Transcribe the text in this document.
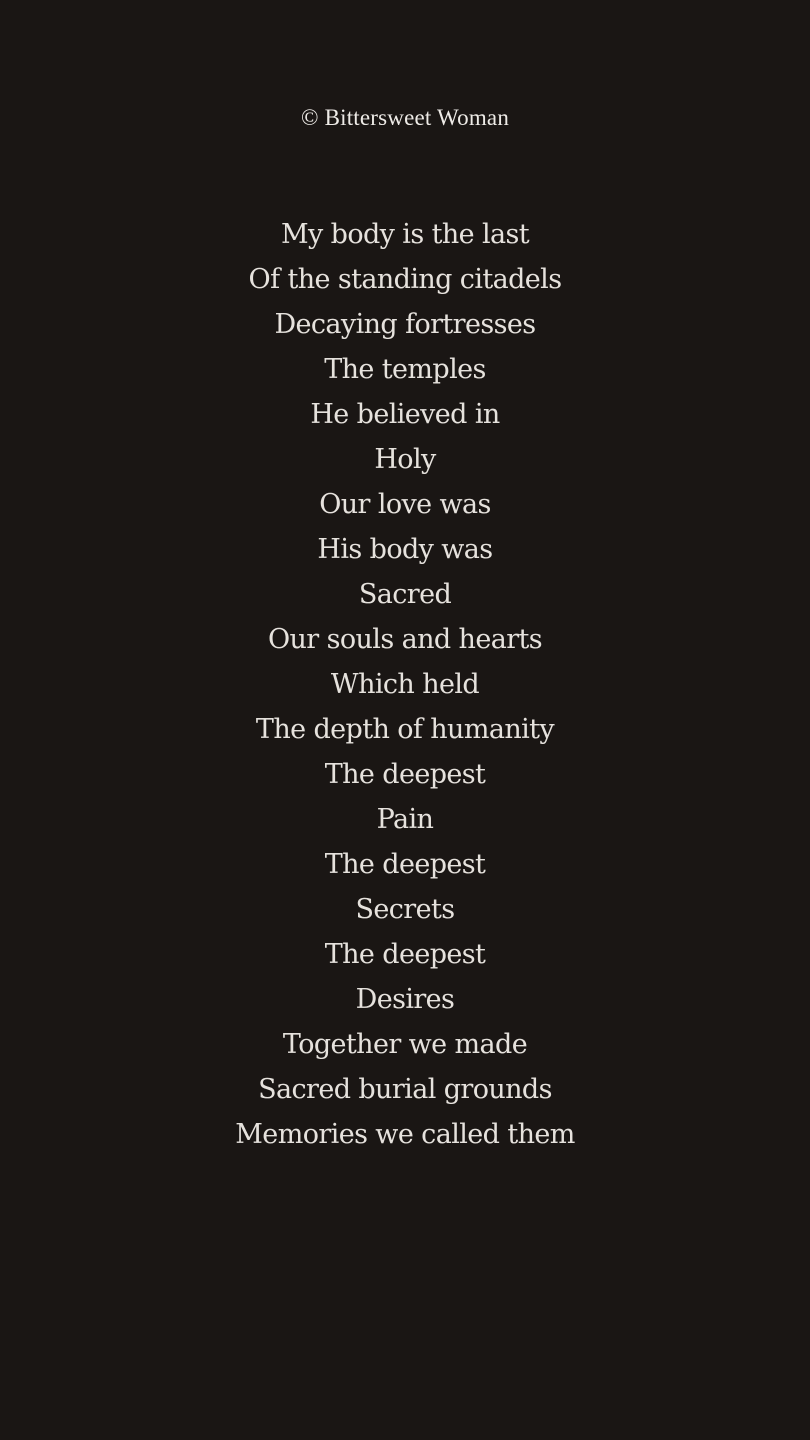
© Bittersweet Woman
My body is the last
Of the standing citadels
Decaying fortresses
The temples
He believed in
Holy
Our love was
His body was
Sacred
Our souls and hearts
Which held
The depth of humanity
The deepest
Pain
The deepest
Secrets
The deepest
Desires
Together we made
Sacred burial grounds
Memories we called them
